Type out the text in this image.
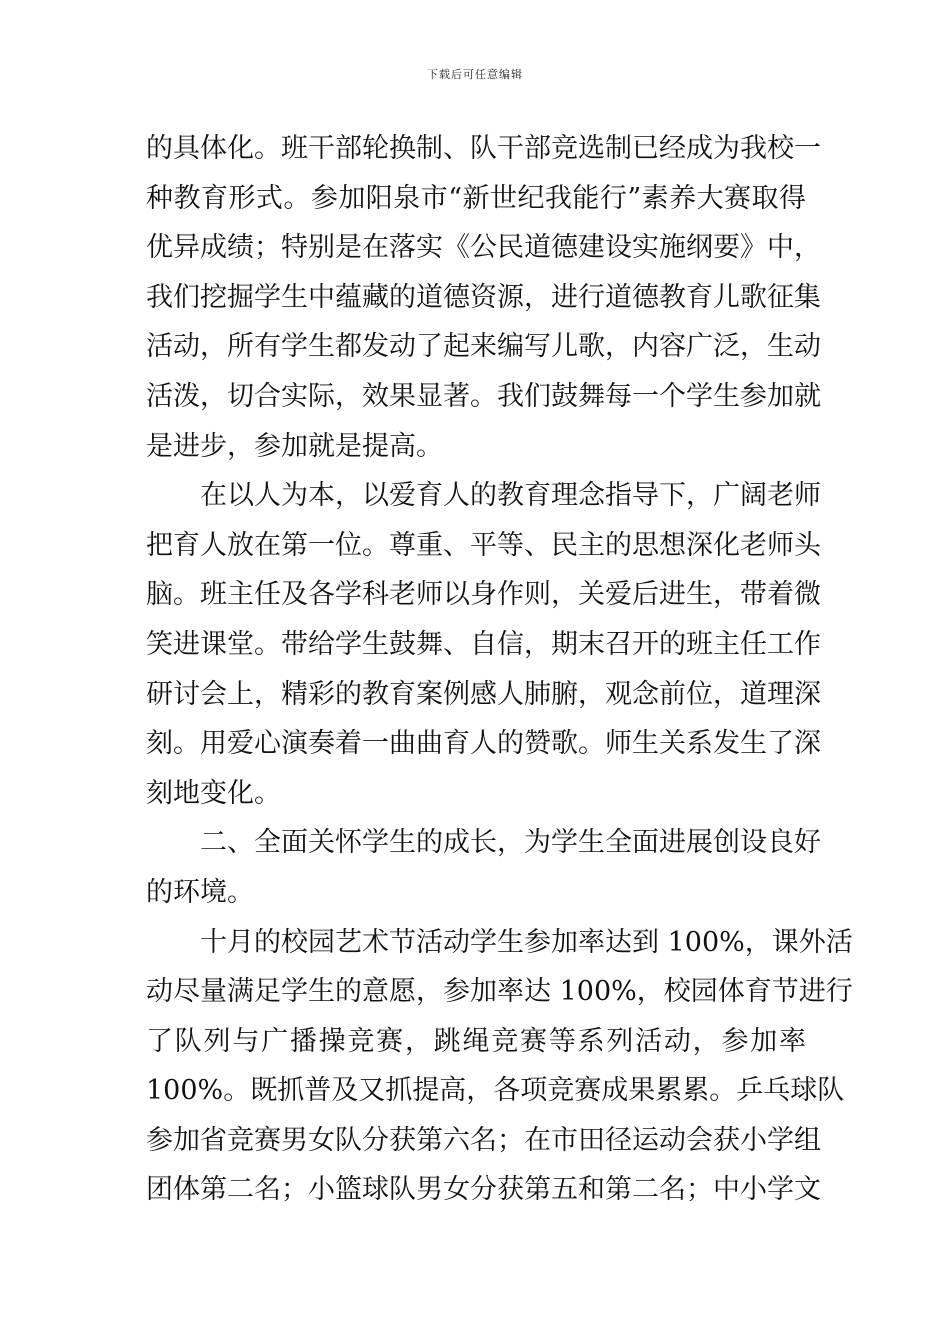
下载后可任意编辑
的具体化。班干部轮换制、队干部竞选制已经成为我校一
种教育形式。参加阳泉市“新世纪我能行”素养大赛取得
优异成绩；特别是在落实《公民道德建设实施纲要》中，
我们挖掘学生中蕴藏的道德资源，进行道德教育儿歌征集
活动，所有学生都发动了起来编写儿歌，内容广泛，生动
活泼，切合实际，效果显著。我们鼓舞每一个学生参加就
是进步，参加就是提高。
在以人为本，以爱育人的教育理念指导下，广阔老师
把育人放在第一位。尊重、平等、民主的思想深化老师头
脑。班主任及各学科老师以身作则，关爱后进生，带着微
笑进课堂。带给学生鼓舞、自信，期末召开的班主任工作
研讨会上，精彩的教育案例感人肺腑，观念前位，道理深
刻。用爱心演奏着一曲曲育人的赞歌。师生关系发生了深
刻地变化。
二、全面关怀学生的成长，为学生全面进展创设良好
的环境。
十月的校园艺术节活动学生参加率达到 100%，课外活
动尽量满足学生的意愿，参加率达 100%，校园体育节进行
了队列与广播操竞赛，跳绳竞赛等系列活动，参加率
100%。既抓普及又抓提高，各项竞赛成果累累。乒乓球队
参加省竞赛男女队分获第六名；在市田径运动会获小学组
团体第二名；小篮球队男女分获第五和第二名；中小学文
